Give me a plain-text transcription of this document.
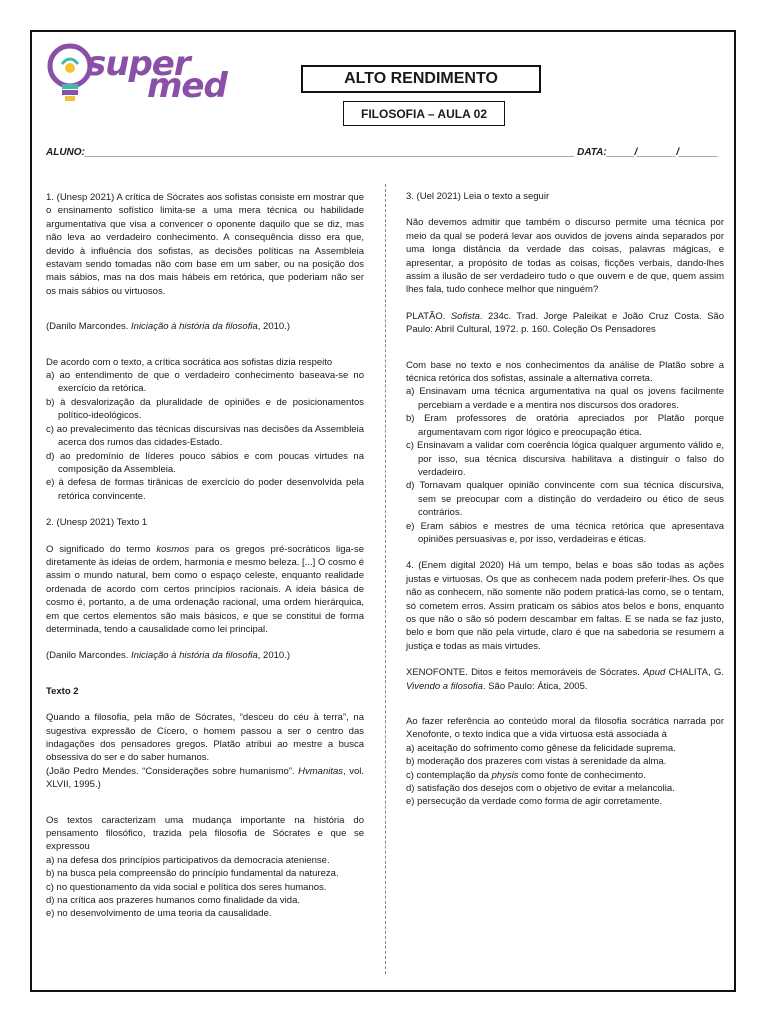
super
med	ALTO RENDIMENTO
FILOSOFIA – AULA 02
ALUNO:________________________________________________________________________________________ DATA:_____/_______/_______

1. (Unesp 2021) A crítica de Sócrates aos sofistas consiste em mostrar que o ensinamento sofístico limita-se a uma mera técnica ou habilidade argumentativa que visa a convencer o oponente daquilo que se diz, mas não leva ao verdadeiro conhecimento. A consequência disso era que, devido à influência dos sofistas, as decisões políticas na Assembleia estavam sendo tomadas não com base em um saber, ou na posição dos mais sábios, mas na dos mais hábeis em retórica, que poderiam não ser os mais sábios ou virtuosos.

(Danilo Marcondes. Iniciação à história da filosofia, 2010.)

De acordo com o texto, a crítica socrática aos sofistas dizia respeito

a) ao entendimento de que o verdadeiro conhecimento baseava-se no exercício da retórica.

b) à desvalorização da pluralidade de opiniões e de posicionamentos político-ideológicos.

c) ao prevalecimento das técnicas discursivas nas decisões da Assembleia acerca dos rumos das cidades-Estado.

d) ao predomínio de líderes pouco sábios e com poucas virtudes na composição da Assembleia.

e) à defesa de formas tirânicas de exercício do poder desenvolvida pela retórica convincente.

2. (Unesp 2021) Texto 1

O significado do termo kosmos para os gregos pré-socráticos liga-se diretamente às ideias de ordem, harmonia e mesmo beleza. [...] O cosmo é assim o mundo natural, bem como o espaço celeste, enquanto realidade ordenada de acordo com certos princípios racionais. A ideia básica de cosmo é, portanto, a de uma ordenação racional, uma ordem hierárquica, em que certos elementos são mais básicos, e que se constitui de forma determinada, tendo a causalidade como lei principal.

(Danilo Marcondes. Iniciação à história da filosofia, 2010.)

Texto 2

Quando a filosofia, pela mão de Sócrates, “desceu do céu à terra”, na sugestiva expressão de Cícero, o homem passou a ser o centro das indagações dos pensadores gregos. Platão atribui ao mestre a busca obsessiva do ser e do saber humanos.

(João Pedro Mendes. “Considerações sobre humanismo”. Hvmanitas, vol. XLVII, 1995.)

Os textos caracterizam uma mudança importante na história do pensamento filosófico, trazida pela filosofia de Sócrates e que se expressou

a) na defesa dos princípios participativos da democracia ateniense.

b) na busca pela compreensão do princípio fundamental da natureza.

c) no questionamento da vida social e política dos seres humanos.

d) na crítica aos prazeres humanos como finalidade da vida.

e) no desenvolvimento de uma teoria da causalidade.

3. (Uel 2021) Leia o texto a seguir

Não devemos admitir que também o discurso permite uma técnica por meio da qual se poderá levar aos ouvidos de jovens ainda separados por uma longa distância da verdade das coisas, palavras mágicas, e apresentar, a propósito de todas as coisas, ficções verbais, dando-lhes assim a ilusão de ser verdadeiro tudo o que ouvem e de que, quem assim lhes fala, tudo conhece melhor que ninguém?

PLATÃO. Sofista. 234c. Trad. Jorge Paleikat e João Cruz Costa. São Paulo: Abril Cultural, 1972. p. 160. Coleção Os Pensadores

Com base no texto e nos conhecimentos da análise de Platão sobre a técnica retórica dos sofistas, assinale a alternativa correta.

a) Ensinavam uma técnica argumentativa na qual os jovens facilmente percebiam a verdade e a mentira nos discursos dos oradores.

b) Eram professores de oratória apreciados por Platão porque argumentavam com rigor lógico e preocupação ética.

c) Ensinavam a validar com coerência lógica qualquer argumento válido e, por isso, sua técnica discursiva habilitava a distinguir o falso do verdadeiro.

d) Tornavam qualquer opinião convincente com sua técnica discursiva, sem se preocupar com a distinção do verdadeiro ou ético de seus contrários.

e) Eram sábios e mestres de uma técnica retórica que apresentava opiniões persuasivas e, por isso, verdadeiras e éticas.

4. (Enem digital 2020) Há um tempo, belas e boas são todas as ações justas e virtuosas. Os que as conhecem nada podem preferir-lhes. Os que não as conhecem, não somente não podem praticá-las como, se o tentam, só cometem erros. Assim praticam os sábios atos belos e bons, enquanto os que não o são só podem descambar em faltas. E se nada se faz justo, belo e bom que não pela virtude, claro é que na sabedoria se resumem a justiça e todas as mais virtudes.

XENOFONTE. Ditos e feitos memoráveis de Sócrates. Apud CHALITA, G. Vivendo a filosofia. São Paulo: Ática, 2005.

Ao fazer referência ao conteúdo moral da filosofia socrática narrada por Xenofonte, o texto indica que a vida virtuosa está associada à

a) aceitação do sofrimento como gênese da felicidade suprema.

b) moderação dos prazeres com vistas à serenidade da alma.

c) contemplação da physis como fonte de conhecimento.

d) satisfação dos desejos com o objetivo de evitar a melancolia.

e) persecução da verdade como forma de agir corretamente.
